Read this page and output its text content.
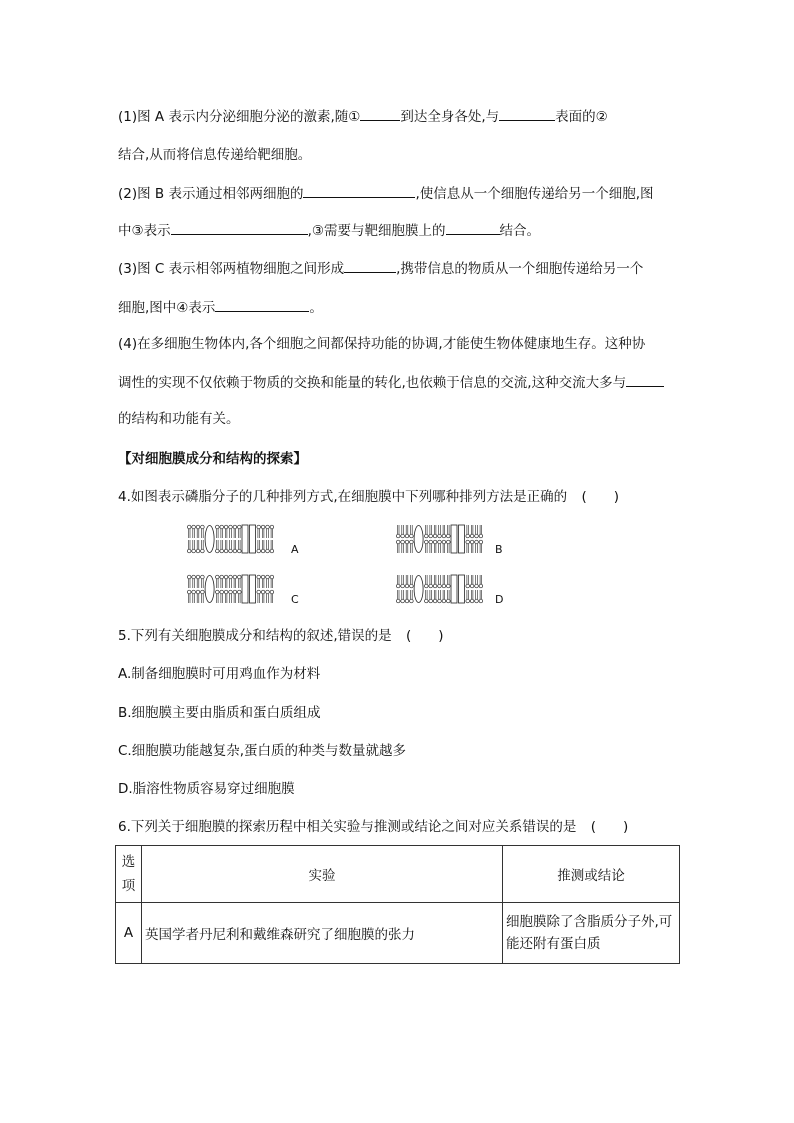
(1)图 A 表示内分泌细胞分泌的激素,随①	到达全身各处,与	表面的②
结合,从而将信息传递给靶细胞。
(2)图 B 表示通过相邻两细胞的	,使信息从一个细胞传递给另一个细胞,图
中③表示	,③需要与靶细胞膜上的	结合。
(3)图 C 表示相邻两植物细胞之间形成	,携带信息的物质从一个细胞传递给另一个
细胞,图中④表示	。
(4)在多细胞生物体内,各个细胞之间都保持功能的协调,才能使生物体健康地生存。这种协
调性的实现不仅依赖于物质的交换和能量的转化,也依赖于信息的交流,这种交流大多与
的结构和功能有关。
【对细胞膜成分和结构的探索】
4.如图表示磷脂分子的几种排列方式,在细胞膜中下列哪种排列方法是正确的 (　　)
A	B
C	D
5.下列有关细胞膜成分和结构的叙述,错误的是 (　　)
A.制备细胞膜时可用鸡血作为材料
B.细胞膜主要由脂质和蛋白质组成
C.细胞膜功能越复杂,蛋白质的种类与数量就越多
D.脂溶性物质容易穿过细胞膜
6.下列关于细胞膜的探索历程中相关实验与推测或结论之间对应关系错误的是 (　　)
选项	实验	推测或结论
A	英国学者丹尼利和戴维森研究了细胞膜的张力	细胞膜除了含脂质分子外,可能还附有蛋白质
